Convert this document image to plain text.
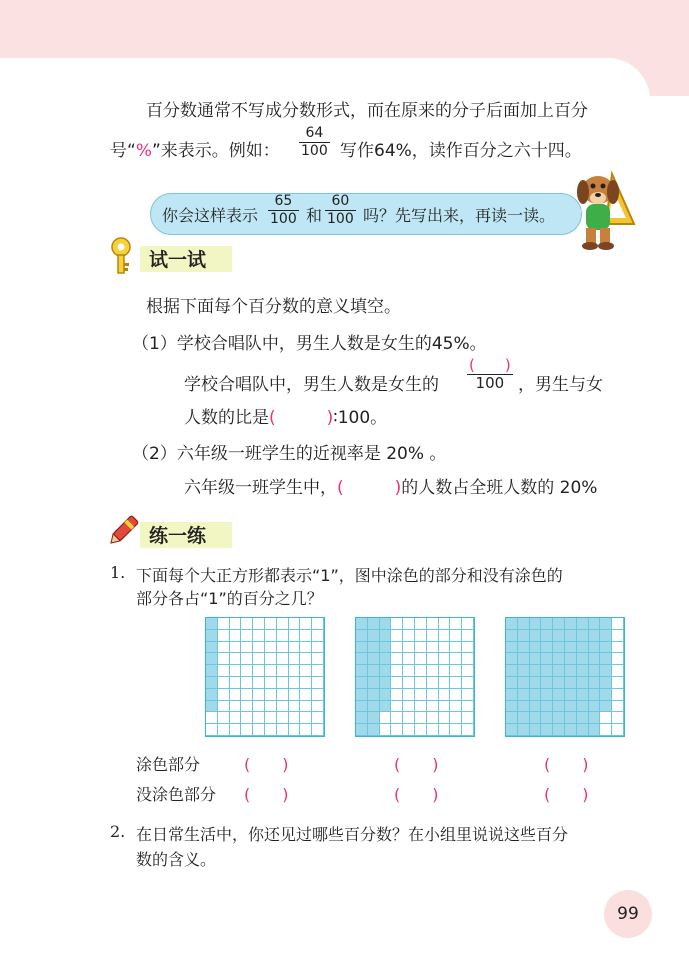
百分数通常不写成分数形式，而在原来的分子后面加上百分
号“%”来表示。例如： $\frac{64}{100}$ 写作64%，读作百分之六十四。
你会这样表示 $\frac{65}{100}$ 和 $\frac{60}{100}$ 吗？先写出来，再读一读。
试一试
根据下面每个百分数的意义填空。
（1）学校合唱队中，男生人数是女生的45%。
学校合唱队中，男生人数是女生的
(　　)
100 ，男生与女
人数的比是(　　　)∶100。
（2）六年级一班学生的近视率是 20% 。
六年级一班学生中，(　　　)的人数占全班人数的 20%
练一练
1. 下面每个大正方形都表示“1”，图中涂色的部分和没有涂色的
部分各占“1”的百分之几？
涂色部分	(　　)	(　　)	(　　)
没涂色部分 (　　)	(　　)	(　　)
2. 在日常生活中，你还见过哪些百分数？在小组里说说这些百分
数的含义。
99
